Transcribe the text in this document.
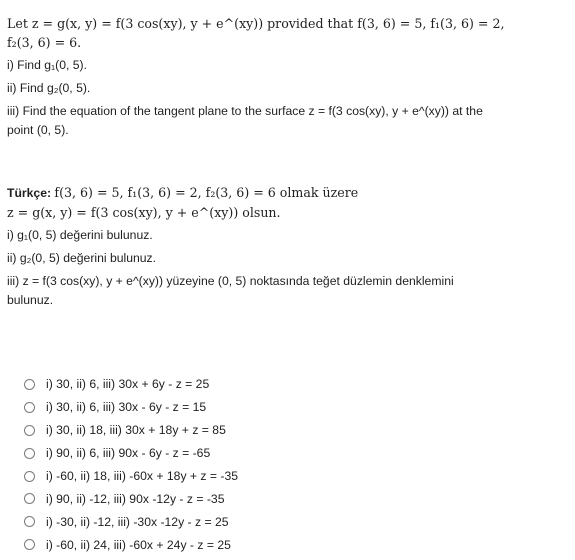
Let z = g(x, y) = f(3 cos(xy), y + e^(xy)) provided that f(3, 6) = 5, f₁(3, 6) = 2,
f₂(3, 6) = 6.
i) Find g₁(0, 5).
ii) Find g₂(0, 5).
iii) Find the equation of the tangent plane to the surface z = f(3 cos(xy), y + e^(xy)) at the
point (0, 5).
Türkçe: f(3, 6) = 5, f₁(3, 6) = 2, f₂(3, 6) = 6 olmak üzere
z = g(x, y) = f(3 cos(xy), y + e^(xy)) olsun.
i) g₁(0, 5) değerini bulunuz.
ii) g₂(0, 5) değerini bulunuz.
iii) z = f(3 cos(xy), y + e^(xy)) yüzeyine (0, 5) noktasında teğet düzlemin denklemini
bulunuz.
i) 30, ii) 6, iii) 30x + 6y - z = 25
i) 30, ii) 6, iii) 30x - 6y - z = 15
i) 30, ii) 18, iii) 30x + 18y + z = 85
i) 90, ii) 6, iii) 90x - 6y - z = -65
i) -60, ii) 18, iii) -60x + 18y + z = -35
i) 90, ii) -12, iii) 90x -12y - z = -35
i) -30, ii) -12, iii) -30x -12y - z = 25
i) -60, ii) 24, iii) -60x + 24y - z = 25
